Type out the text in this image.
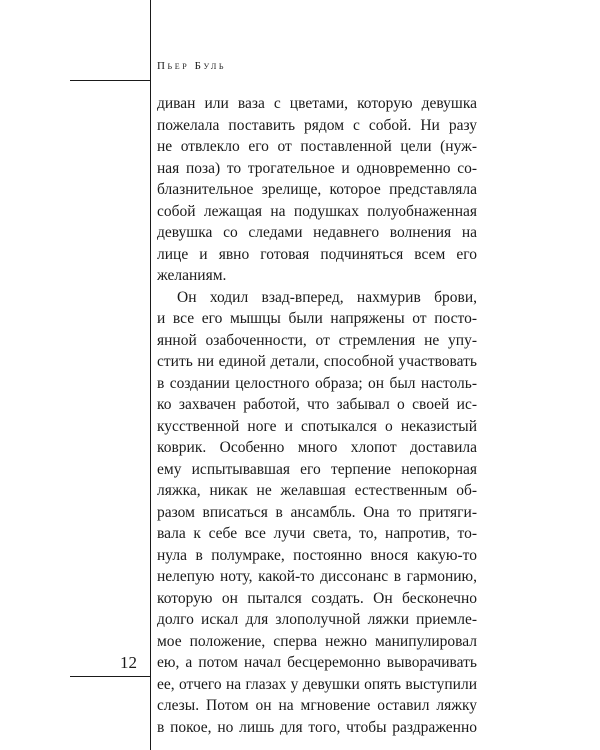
Пьер Буль
диван или ваза с цветами, которую девушка
пожелала поставить рядом с собой. Ни разу
не отвлекло его от поставленной цели (нуж-
ная поза) то трогательное и одновременно со-
блазнительное зрелище, которое представляла
собой лежащая на подушках полуобнаженная
девушка со следами недавнего волнения на
лице и явно готовая подчиняться всем его
желаниям.
Он ходил взад-вперед, нахмурив брови,
и все его мышцы были напряжены от посто-
янной озабоченности, от стремления не упу-
стить ни единой детали, способной участвовать
в создании целостного образа; он был настоль-
ко захвачен работой, что забывал о своей ис-
кусственной ноге и спотыкался о неказистый
коврик. Особенно много хлопот доставила
ему испытывавшая его терпение непокорная
ляжка, никак не желавшая естественным об-
разом вписаться в ансамбль. Она то притяги-
вала к себе все лучи света, то, напротив, то-
нула в полумраке, постоянно внося какую-то
нелепую ноту, какой-то диссонанс в гармонию,
которую он пытался создать. Он бесконечно
долго искал для злополучной ляжки приемле-
мое положение, сперва нежно манипулировал
ею, а потом начал бесцеремонно выворачивать
ее, отчего на глазах у девушки опять выступили
слезы. Потом он на мгновение оставил ляжку
в покое, но лишь для того, чтобы раздраженно
12
